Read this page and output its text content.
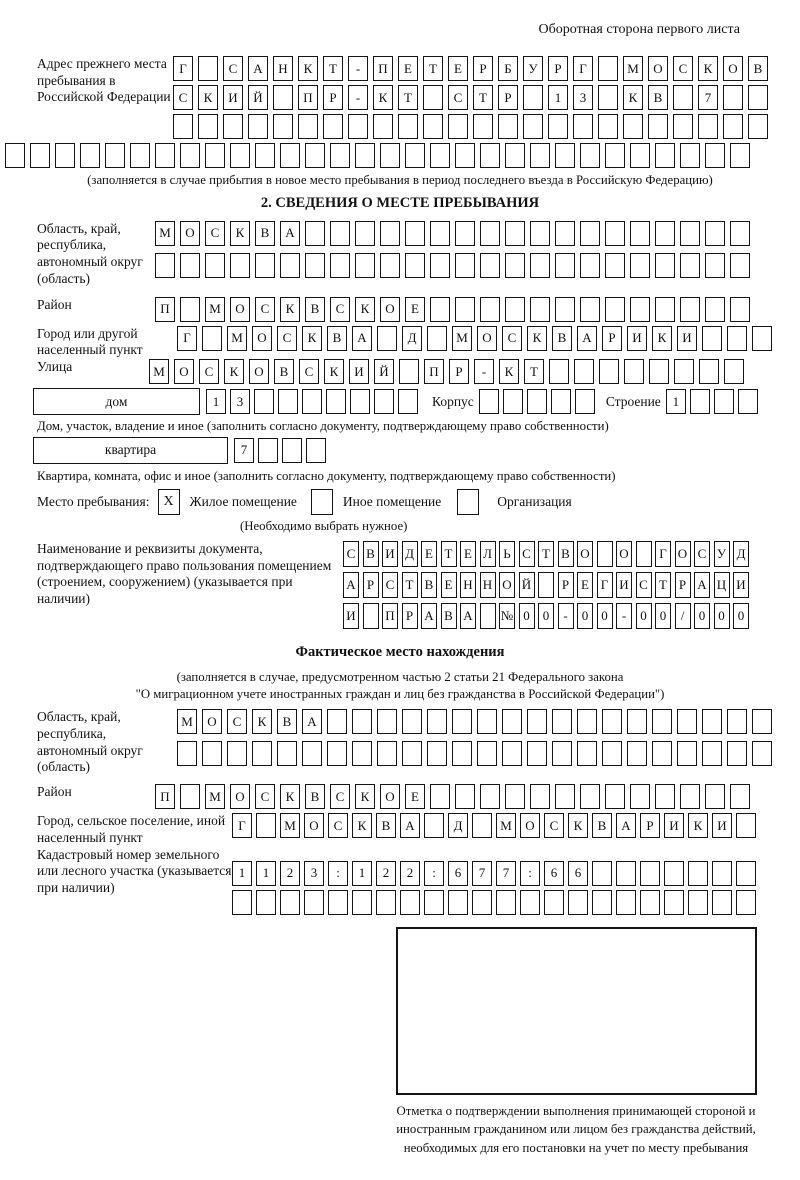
Оборотная сторона первого листа
Адрес прежнего места пребывания в Российской Федерации
Г	С	А	Н	К	Т	-	П	Е	Т	Е	Р	Б	У	Р	Г	М	О	С	К	О	В
С	К	И	Й	П	Р	-	К	Т	С	Т	Р	1	3	К	В	7
(заполняется в случае прибытия в новое место пребывания в период последнего въезда в Российскую Федерацию)
2. СВЕДЕНИЯ О МЕСТЕ ПРЕБЫВАНИЯ
Область, край, республика, автономный округ (область)
М	О	С	К	В	А
Район	П	М	О	С	К	В	С	К	О	Е
Город или другой населенный пункт
Г	М	О	С	К	В	А	Д	М	О	С	К	В	А	Р	И	К	И
Улица	М	О	С	К	О	В	С	К	И	Й	П	Р	-	К	Т
дом	1	3	Корпус	Строение 1
Дом, участок, владение и иное (заполнить согласно документу, подтверждающему право собственности)
квартира	7
Квартира, комната, офис и иное (заполнить согласно документу, подтверждающему право собственности)
Место пребывания: X	Жилое помещение	Иное помещение	Организация
(Необходимо выбрать нужное)
Наименование и реквизиты документа, подтверждающего право пользования помещением (строением, сооружением) (указывается при наличии)
С В И Д Е Т Е Л Ь С Т В О О	Г О С У Д
А Р С Т В Е Н Н О Й	Р Е Г И С Т Р А Ц И
И П Р А В А № 0	0	-	0	0	-	0	0	/	0	0	0
Фактическое место нахождения
(заполняется в случае, предусмотренном частью 2 статьи 21 Федерального закона
"О миграционном учете иностранных граждан и лиц без гражданства в Российской Федерации")
Область, край, республика, автономный округ (область)
М	О	С	К	В	А
Район	П	М	О	С	К	В	С	К	О	Е
Город, сельское поселение, иной населенный пункт
Г	М	О	С	К	В	А	Д	М	О	С	К	В	А	Р	И	К	И
Кадастровый номер земельного или лесного участка (указывается при наличии)
1	1	2	3	:	1	2	2	:	6	7	7	:	6	6
Отметка о подтверждении выполнения принимающей стороной и иностранным гражданином или лицом без гражданства действий, необходимых для его постановки на учет по месту пребывания
